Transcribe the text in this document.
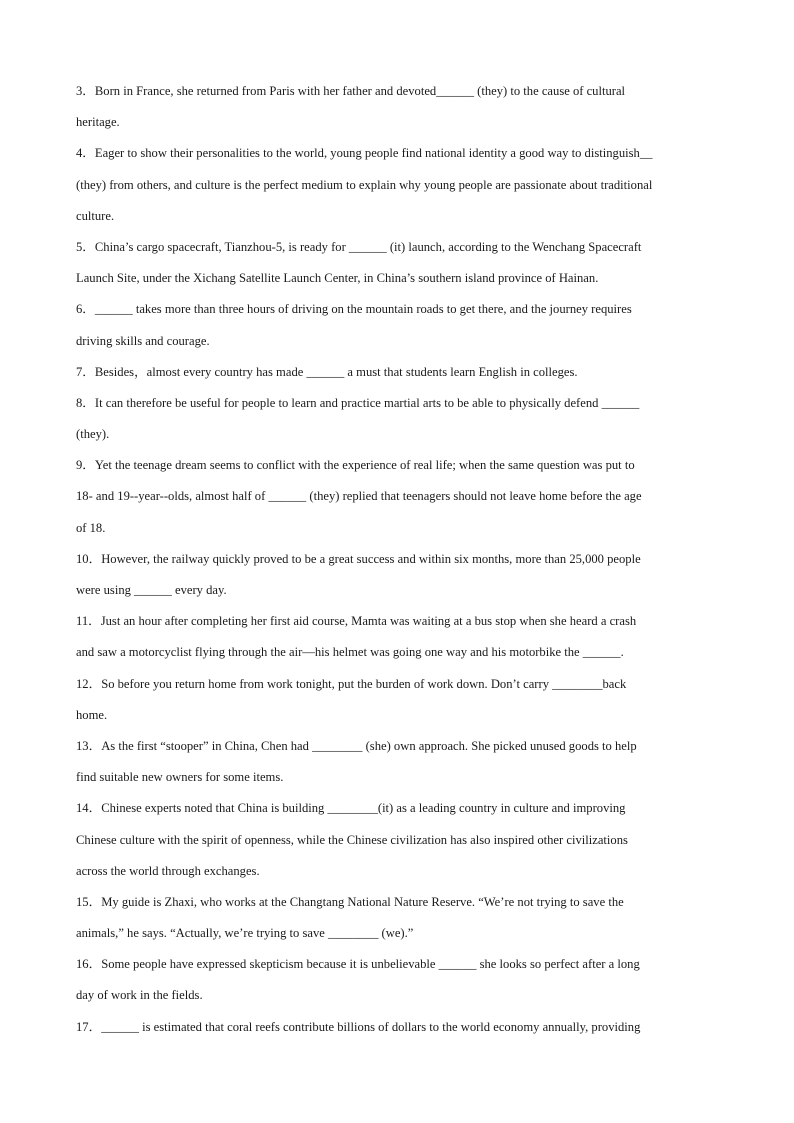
3．Born in France, she returned from Paris with her father and devoted______ (they) to the cause of cultural
heritage.
4．Eager to show their personalities to the world, young people find national identity a good way to distinguish__
(they) from others, and culture is the perfect medium to explain why young people are passionate about traditional
culture.
5．China’s cargo spacecraft, Tianzhou-5, is ready for ______ (it) launch, according to the Wenchang Spacecraft
Launch Site, under the Xichang Satellite Launch Center, in China’s southern island province of Hainan.
6．______ takes more than three hours of driving on the mountain roads to get there, and the journey requires
driving skills and courage.
7．Besides，almost every country has made ______ a must that students learn English in colleges.
8．It can therefore be useful for people to learn and practice martial arts to be able to physically defend ______
(they).
9．Yet the teenage dream seems to conflict with the experience of real life; when the same question was put to
18- and 19--year--olds, almost half of ______ (they) replied that teenagers should not leave home before the age
of 18.
10．However, the railway quickly proved to be a great success and within six months, more than 25,000 people
were using ______ every day.
11．Just an hour after completing her first aid course, Mamta was waiting at a bus stop when she heard a crash
and saw a motorcyclist flying through the air—his helmet was going one way and his motorbike the ______.
12．So before you return home from work tonight, put the burden of work down. Don’t carry ________back
home.
13．As the first “stooper” in China, Chen had ________ (she) own approach. She picked unused goods to help
find suitable new owners for some items.
14．Chinese experts noted that China is building ________(it) as a leading country in culture and improving
Chinese culture with the spirit of openness, while the Chinese civilization has also inspired other civilizations
across the world through exchanges.
15．My guide is Zhaxi, who works at the Changtang National Nature Reserve. “We’re not trying to save the
animals,” he says. “Actually, we’re trying to save ________ (we).”
16．Some people have expressed skepticism because it is unbelievable ______ she looks so perfect after a long
day of work in the fields.
17．______ is estimated that coral reefs contribute billions of dollars to the world economy annually, providing
